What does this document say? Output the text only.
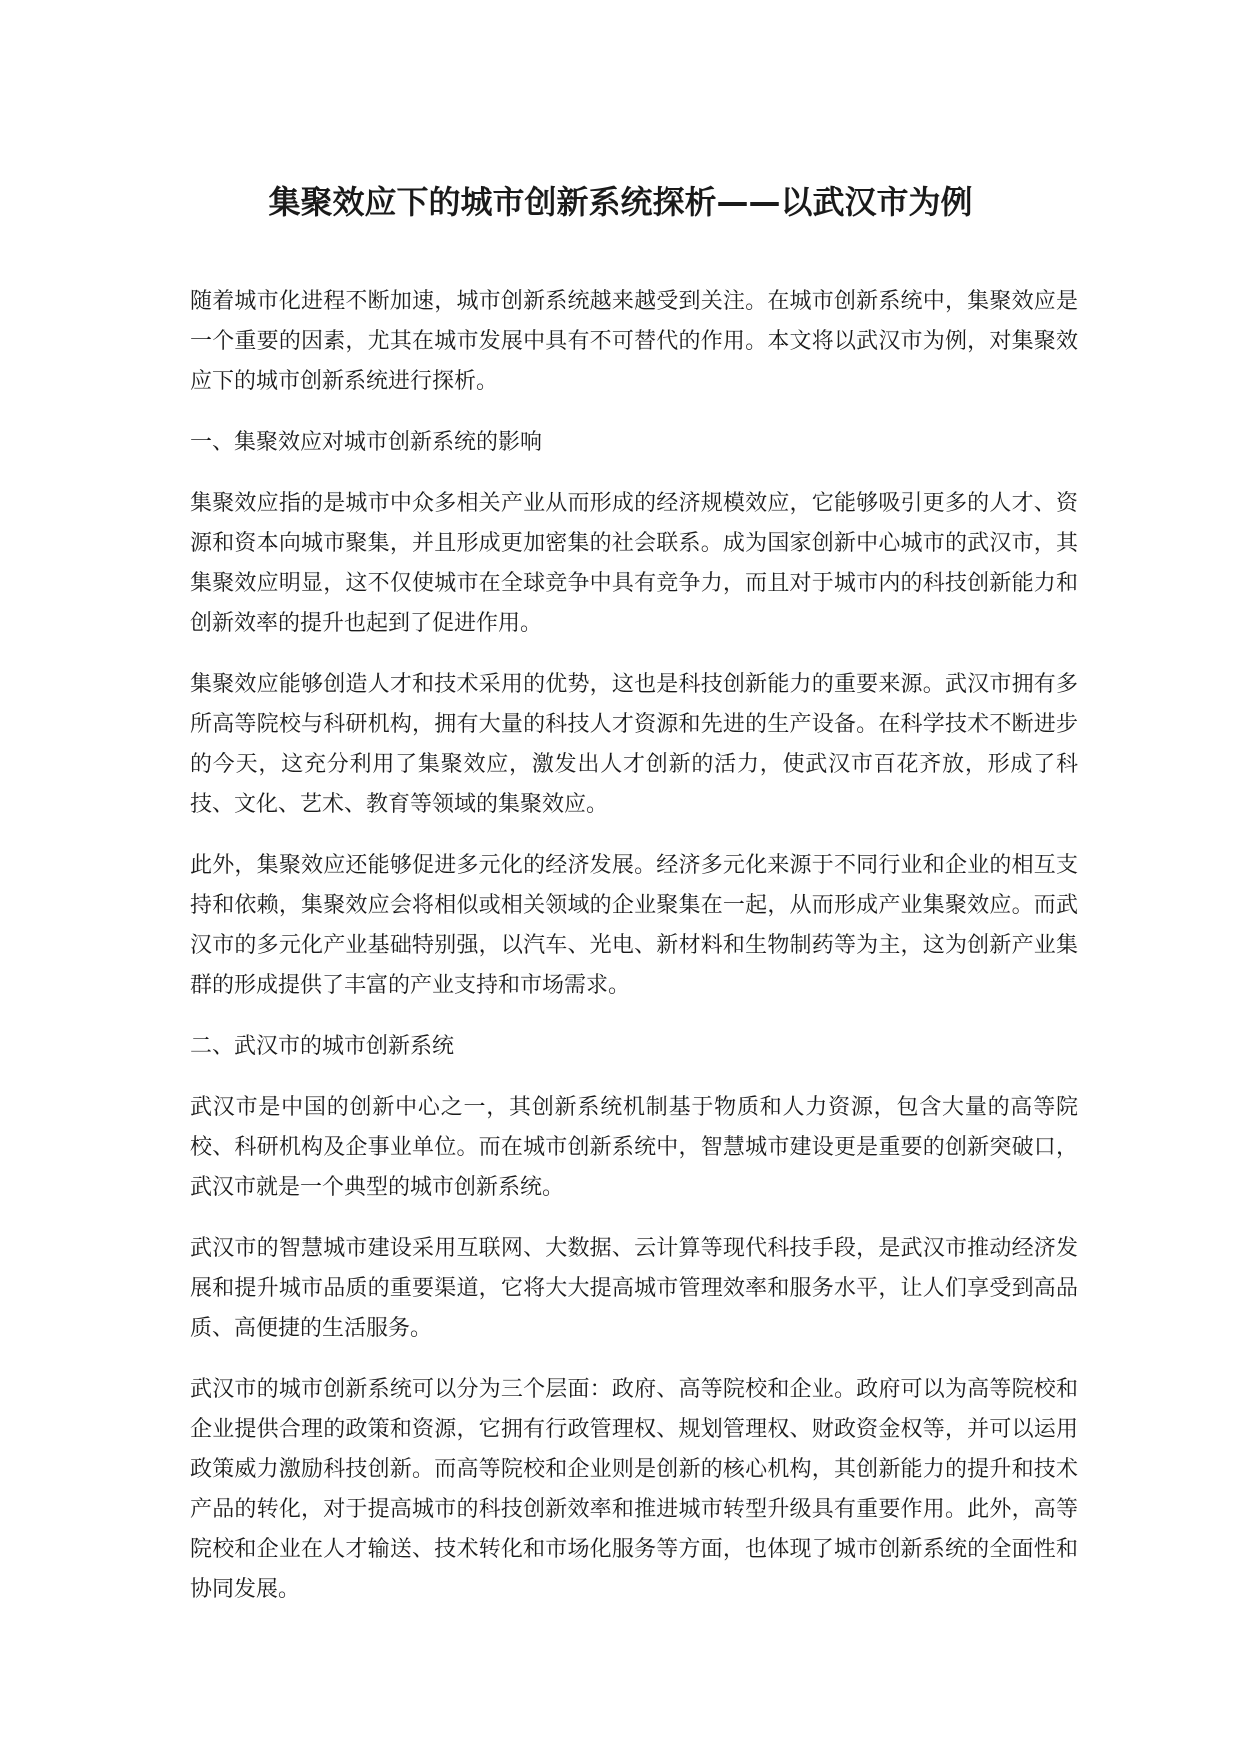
集聚效应下的城市创新系统探析——以武汉市为例

随着城市化进程不断加速，城市创新系统越来越受到关注。在城市创新系统中，集聚效应是一个重要的因素，尤其在城市发展中具有不可替代的作用。本文将以武汉市为例，对集聚效应下的城市创新系统进行探析。

一、集聚效应对城市创新系统的影响

集聚效应指的是城市中众多相关产业从而形成的经济规模效应，它能够吸引更多的人才、资源和资本向城市聚集，并且形成更加密集的社会联系。成为国家创新中心城市的武汉市，其集聚效应明显，这不仅使城市在全球竞争中具有竞争力，而且对于城市内的科技创新能力和创新效率的提升也起到了促进作用。

集聚效应能够创造人才和技术采用的优势，这也是科技创新能力的重要来源。武汉市拥有多所高等院校与科研机构，拥有大量的科技人才资源和先进的生产设备。在科学技术不断进步的今天，这充分利用了集聚效应，激发出人才创新的活力，使武汉市百花齐放，形成了科技、文化、艺术、教育等领域的集聚效应。

此外，集聚效应还能够促进多元化的经济发展。经济多元化来源于不同行业和企业的相互支持和依赖，集聚效应会将相似或相关领域的企业聚集在一起，从而形成产业集聚效应。而武汉市的多元化产业基础特别强，以汽车、光电、新材料和生物制药等为主，这为创新产业集群的形成提供了丰富的产业支持和市场需求。

二、武汉市的城市创新系统

武汉市是中国的创新中心之一，其创新系统机制基于物质和人力资源，包含大量的高等院校、科研机构及企事业单位。而在城市创新系统中，智慧城市建设更是重要的创新突破口，武汉市就是一个典型的城市创新系统。

武汉市的智慧城市建设采用互联网、大数据、云计算等现代科技手段，是武汉市推动经济发展和提升城市品质的重要渠道，它将大大提高城市管理效率和服务水平，让人们享受到高品质、高便捷的生活服务。

武汉市的城市创新系统可以分为三个层面：政府、高等院校和企业。政府可以为高等院校和企业提供合理的政策和资源，它拥有行政管理权、规划管理权、财政资金权等，并可以运用政策威力激励科技创新。而高等院校和企业则是创新的核心机构，其创新能力的提升和技术产品的转化，对于提高城市的科技创新效率和推进城市转型升级具有重要作用。此外，高等院校和企业在人才输送、技术转化和市场化服务等方面，也体现了城市创新系统的全面性和协同发展。
